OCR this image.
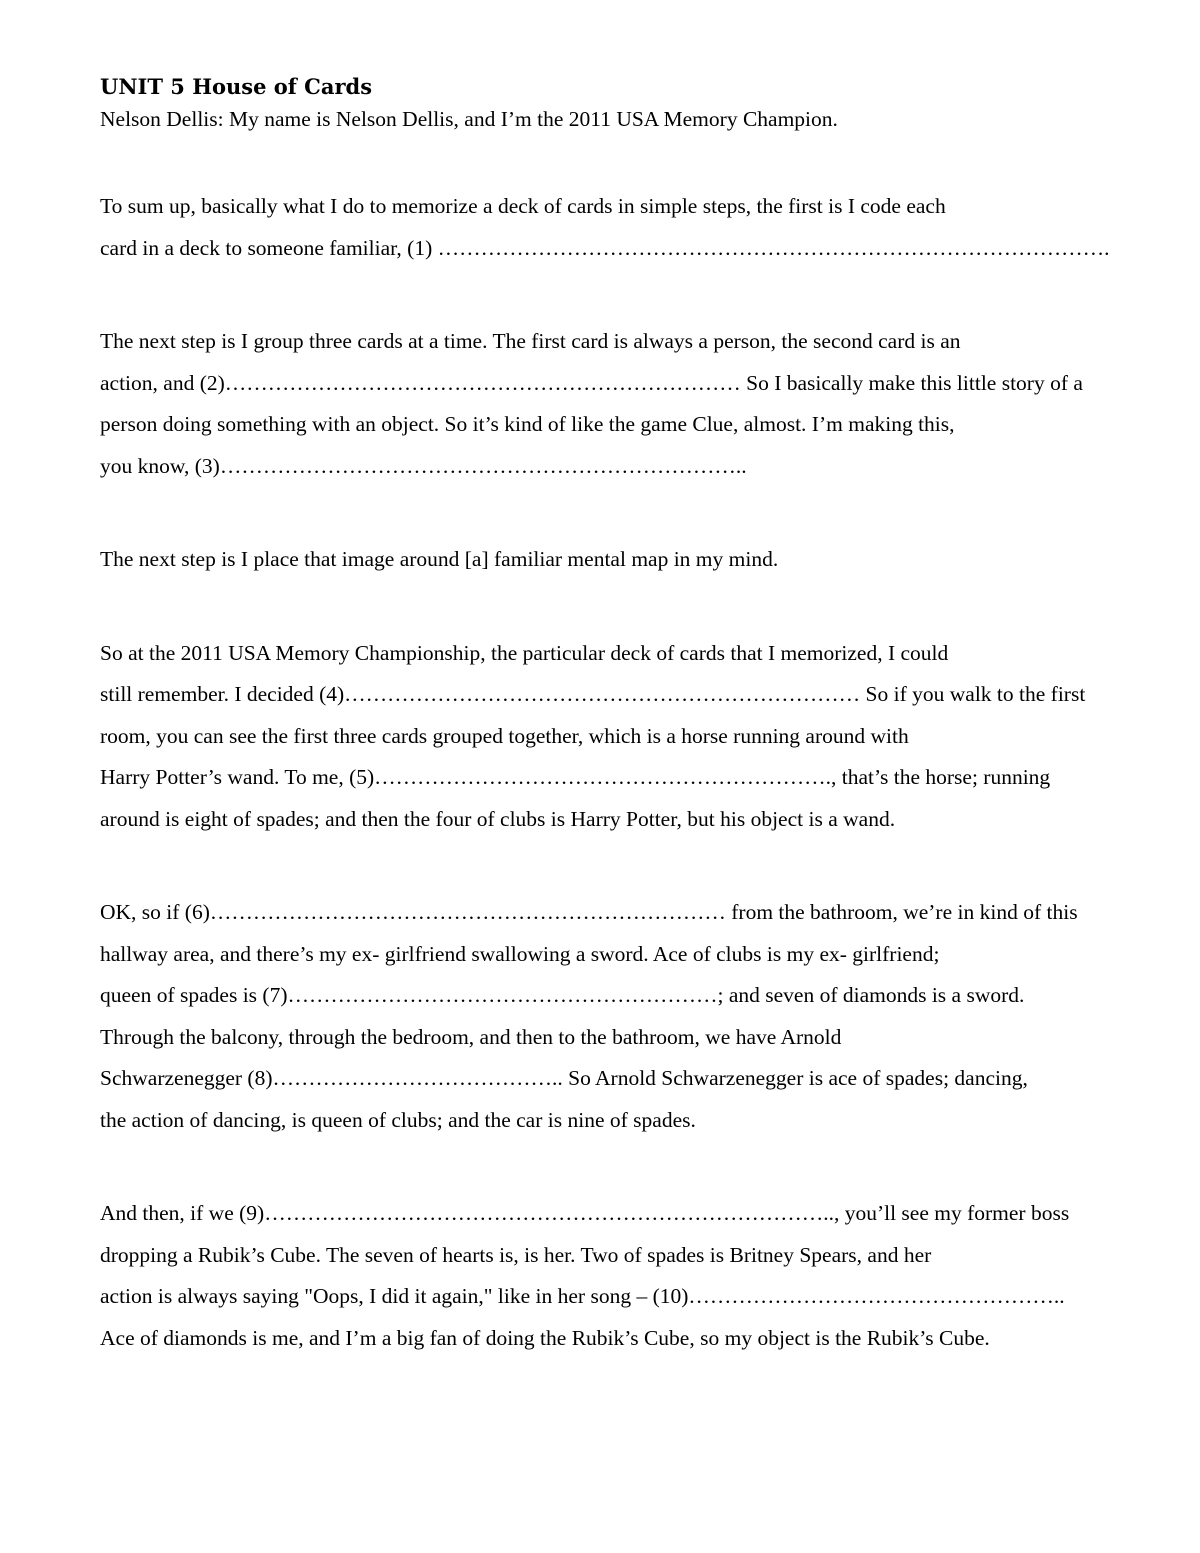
UNIT 5 House of Cards

Nelson Dellis: My name is Nelson Dellis, and I’m the 2011 USA Memory Champion.

To sum up, basically what I do to memorize a deck of cards in simple steps, the first is I code each
card in a deck to someone familiar, (1) ………………………………………………………………………………….

The next step is I group three cards at a time. The first card is always a person, the second card is an
action, and (2)……………………………………………………………… So I basically make this little story of a
person doing something with an object. So it’s kind of like the game Clue, almost. I’m making this,
you know, (3)………………………………………………………………..

The next step is I place that image around [a] familiar mental map in my mind.

So at the 2011 USA Memory Championship, the particular deck of cards that I memorized, I could
still remember. I decided (4)……………………………………………………………… So if you walk to the first
room, you can see the first three cards grouped together, which is a horse running around with
Harry Potter’s wand. To me, (5)………………………………………………………., that’s the horse; running
around is eight of spades; and then the four of clubs is Harry Potter, but his object is a wand.

OK, so if (6)……………………………………………………………… from the bathroom, we’re in kind of this
hallway area, and there’s my ex- girlfriend swallowing a sword. Ace of clubs is my ex- girlfriend;
queen of spades is (7)……………………………………………………; and seven of diamonds is a sword.
Through the balcony, through the bedroom, and then to the bathroom, we have Arnold
Schwarzenegger (8)………………………………….. So Arnold Schwarzenegger is ace of spades; dancing,
the action of dancing, is queen of clubs; and the car is nine of spades.

And then, if we (9)…………………………………………………………………….., you’ll see my former boss
dropping a Rubik’s Cube. The seven of hearts is, is her. Two of spades is Britney Spears, and her
action is always saying "Oops, I did it again," like in her song – (10)……………………………………………..
Ace of diamonds is me, and I’m a big fan of doing the Rubik’s Cube, so my object is the Rubik’s Cube.
